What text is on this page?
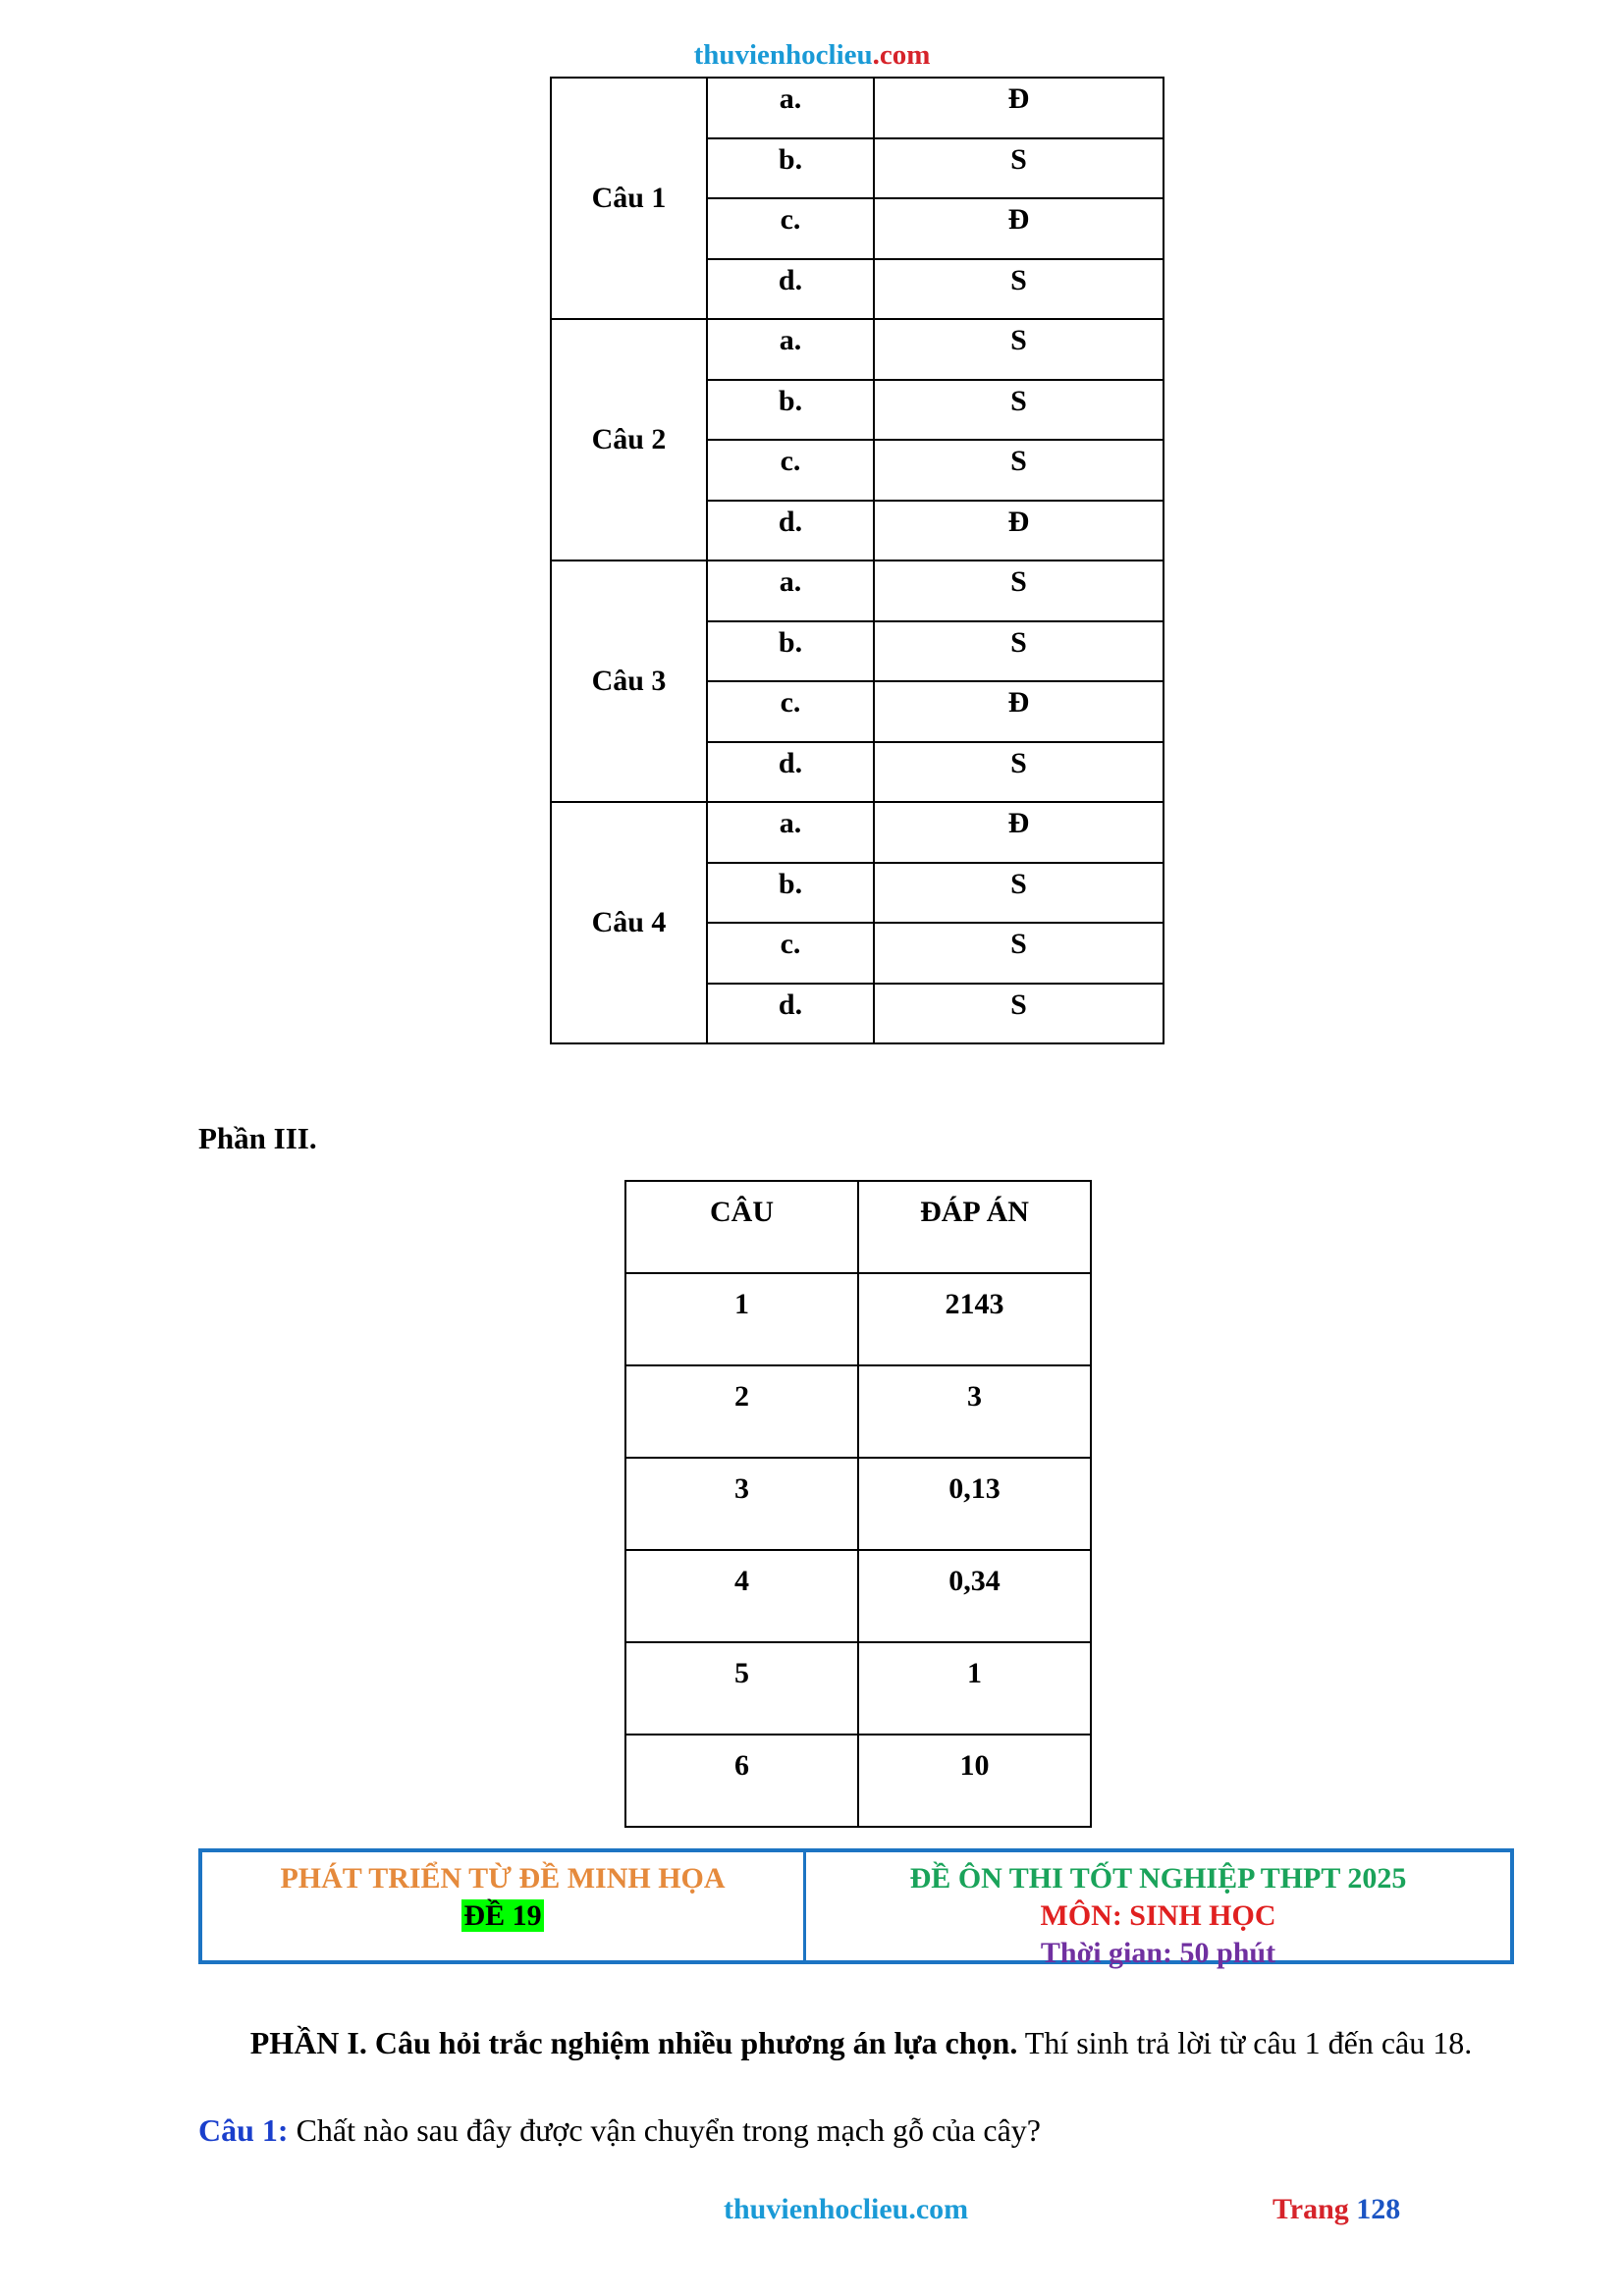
thuvienhoclieu.com
Câu 1	a.	Đ
	b.	S
	c.	Đ
	d.	S
Câu 2	a.	S
	b.	S
	c.	S
	d.	Đ
Câu 3	a.	S
	b.	S
	c.	Đ
	d.	S
Câu 4	a.	Đ
	b.	S
	c.	S
	d.	S
Phần III.
CÂU	ĐÁP ÁN
1	2143
2	3
3	0,13
4	0,34
5	1
6	10
PHÁT TRIỂN TỪ ĐỀ MINH HỌA
ĐỀ 19
ĐỀ ÔN THI TỐT NGHIỆP THPT 2025
MÔN: SINH HỌC
Thời gian: 50 phút
PHẦN I. Câu hỏi trắc nghiệm nhiều phương án lựa chọn. Thí sinh trả lời từ câu 1 đến câu 18.
Câu 1: Chất nào sau đây được vận chuyển trong mạch gỗ của cây?
thuvienhoclieu.com	Trang 128
